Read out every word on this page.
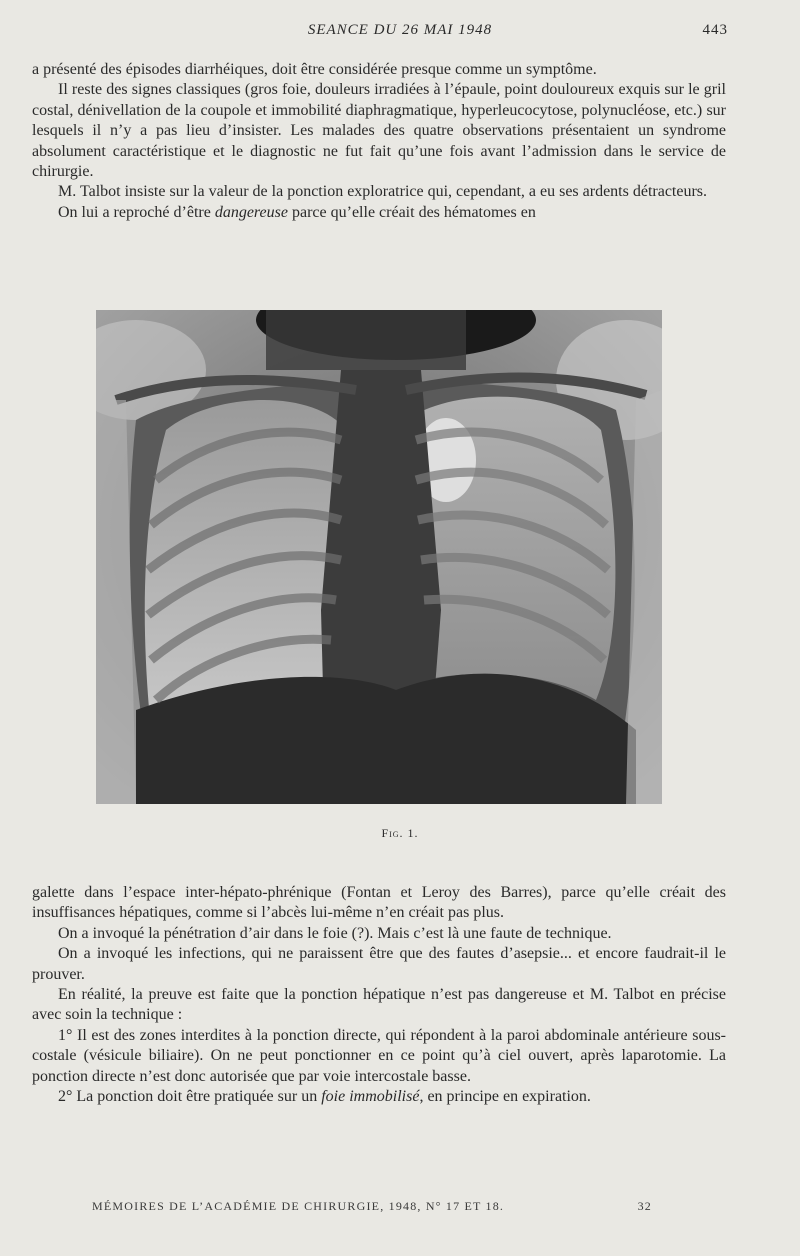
SEANCE DU 26 MAI 1948	443

a présenté des épisodes diarrhéiques, doit être considérée presque comme un symptôme.

Il reste des signes classiques (gros foie, douleurs irradiées à l’épaule, point douloureux exquis sur le gril costal, dénivellation de la coupole et immobilité diaphragmatique, hyperleucocytose, polynucléose, etc.) sur lesquels il n’y a pas lieu d’insister. Les malades des quatre observations présentaient un syndrome absolument caractéristique et le diagnostic ne fut fait qu’une fois avant l’admission dans le service de chirurgie.

M. Talbot insiste sur la valeur de la ponction exploratrice qui, cependant, a eu ses ardents détracteurs.

On lui a reproché d’être dangereuse parce qu’elle créait des hématomes en

Fig. 1.

galette dans l’espace inter-hépato-phrénique (Fontan et Leroy des Barres), parce qu’elle créait des insuffisances hépatiques, comme si l’abcès lui-même n’en créait pas plus.

On a invoqué la pénétration d’air dans le foie (?). Mais c’est là une faute de technique.

On a invoqué les infections, qui ne paraissent être que des fautes d’asepsie... et encore faudrait-il le prouver.

En réalité, la preuve est faite que la ponction hépatique n’est pas dangereuse et M. Talbot en précise avec soin la technique :

1° Il est des zones interdites à la ponction directe, qui répondent à la paroi abdominale antérieure sous-costale (vésicule biliaire). On ne peut ponctionner en ce point qu’à ciel ouvert, après laparotomie. La ponction directe n’est donc autorisée que par voie intercostale basse.

2° La ponction doit être pratiquée sur un foie immobilisé, en principe en expiration.

MÉMOIRES DE L’ACADÉMIE DE CHIRURGIE, 1948, N° 17 ET 18.	32
